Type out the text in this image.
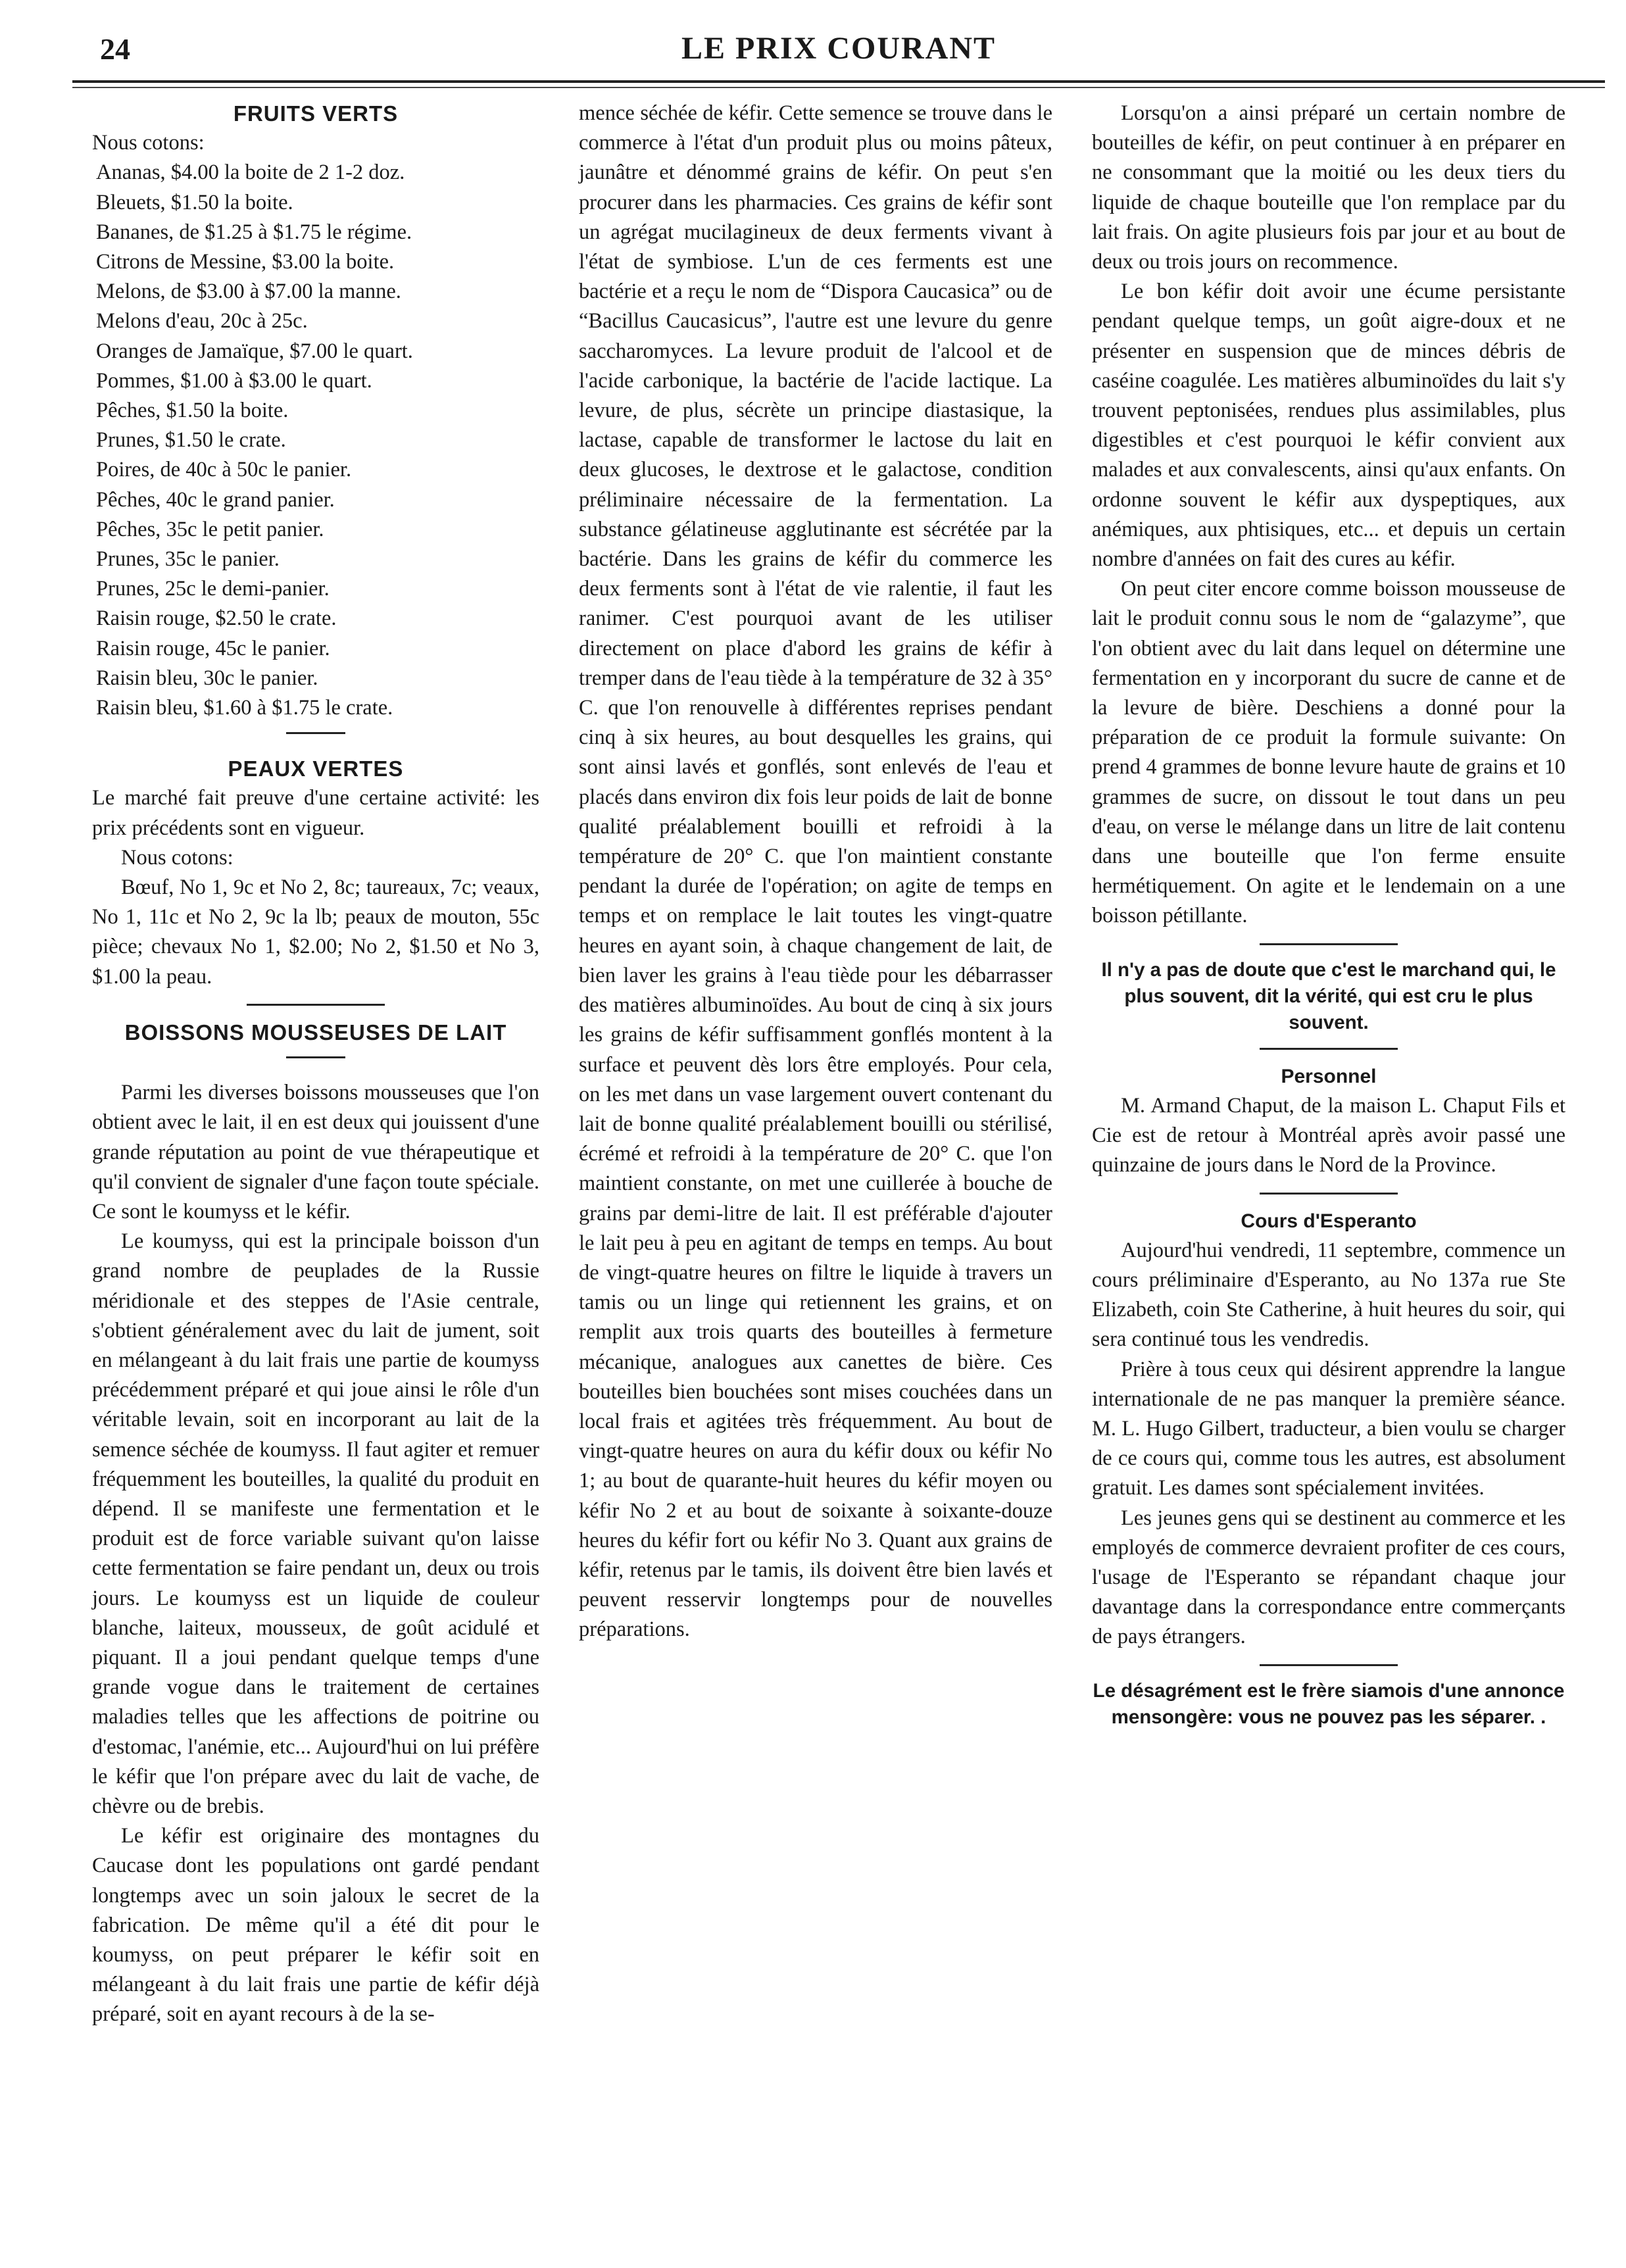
24	LE PRIX COURANT
FRUITS VERTS
Nous cotons:
Ananas, $4.00 la boite de 2 1-2 doz.
Bleuets, $1.50 la boite.
Bananes, de $1.25 à $1.75 le régime.
Citrons de Messine, $3.00 la boite.
Melons, de $3.00 à $7.00 la manne.
Melons d'eau, 20c à 25c.
Oranges de Jamaïque, $7.00 le quart.
Pommes, $1.00 à $3.00 le quart.
Pêches, $1.50 la boite.
Prunes, $1.50 le crate.
Poires, de 40c à 50c le panier.
Pêches, 40c le grand panier.
Pêches, 35c le petit panier.
Prunes, 35c le panier.
Prunes, 25c le demi-panier.
Raisin rouge, $2.50 le crate.
Raisin rouge, 45c le panier.
Raisin bleu, 30c le panier.
Raisin bleu, $1.60 à $1.75 le crate.
PEAUX VERTES

Le marché fait preuve d'une certaine activité: les prix précédents sont en vigueur.

Nous cotons:

Bœuf, No 1, 9c et No 2, 8c; taureaux, 7c; veaux, No 1, 11c et No 2, 9c la lb; peaux de mouton, 55c pièce; chevaux No 1, $2.00; No 2, $1.50 et No 3, $1.00 la peau.

BOISSONS MOUSSEUSES DE LAIT

Parmi les diverses boissons mousseuses que l'on obtient avec le lait, il en est deux qui jouissent d'une grande réputation au point de vue thérapeutique et qu'il convient de signaler d'une façon toute spéciale. Ce sont le koumyss et le kéfir.

Le koumyss, qui est la principale boisson d'un grand nombre de peuplades de la Russie méridionale et des steppes de l'Asie centrale, s'obtient généralement avec du lait de jument, soit en mélangeant à du lait frais une partie de koumyss précédemment préparé et qui joue ainsi le rôle d'un véritable levain, soit en incorporant au lait de la semence séchée de koumyss. Il faut agiter et remuer fréquemment les bouteilles, la qualité du produit en dépend. Il se manifeste une fermentation et le produit est de force variable suivant qu'on laisse cette fermentation se faire pendant un, deux ou trois jours. Le koumyss est un liquide de couleur blanche, laiteux, mousseux, de goût acidulé et piquant. Il a joui pendant quelque temps d'une grande vogue dans le traitement de certaines maladies telles que les affections de poitrine ou d'estomac, l'anémie, etc... Aujourd'hui on lui préfère le kéfir que l'on prépare avec du lait de vache, de chèvre ou de brebis.

Le kéfir est originaire des montagnes du Caucase dont les populations ont gardé pendant longtemps avec un soin jaloux le secret de la fabrication. De même qu'il a été dit pour le koumyss, on peut préparer le kéfir soit en mélangeant à du lait frais une partie de kéfir déjà préparé, soit en ayant recours à de la se-

mence séchée de kéfir. Cette semence se trouve dans le commerce à l'état d'un produit plus ou moins pâteux, jaunâtre et dénommé grains de kéfir. On peut s'en procurer dans les pharmacies. Ces grains de kéfir sont un agrégat mucilagineux de deux ferments vivant à l'état de symbiose. L'un de ces ferments est une bactérie et a reçu le nom de “Dispora Caucasica” ou de “Bacillus Caucasicus”, l'autre est une levure du genre saccharomyces. La levure produit de l'alcool et de l'acide carbonique, la bactérie de l'acide lactique. La levure, de plus, sécrète un principe diastasique, la lactase, capable de transformer le lactose du lait en deux glucoses, le dextrose et le galactose, condition préliminaire nécessaire de la fermentation. La substance gélatineuse agglutinante est sécrétée par la bactérie. Dans les grains de kéfir du commerce les deux ferments sont à l'état de vie ralentie, il faut les ranimer. C'est pourquoi avant de les utiliser directement on place d'abord les grains de kéfir à tremper dans de l'eau tiède à la température de 32 à 35° C. que l'on renouvelle à différentes reprises pendant cinq à six heures, au bout desquelles les grains, qui sont ainsi lavés et gonflés, sont enlevés de l'eau et placés dans environ dix fois leur poids de lait de bonne qualité préalablement bouilli et refroidi à la température de 20° C. que l'on maintient constante pendant la durée de l'opération; on agite de temps en temps et on remplace le lait toutes les vingt-quatre heures en ayant soin, à chaque changement de lait, de bien laver les grains à l'eau tiède pour les débarrasser des matières albuminoïdes. Au bout de cinq à six jours les grains de kéfir suffisamment gonflés montent à la surface et peuvent dès lors être employés. Pour cela, on les met dans un vase largement ouvert contenant du lait de bonne qualité préalablement bouilli ou stérilisé, écrémé et refroidi à la température de 20° C. que l'on maintient constante, on met une cuillerée à bouche de grains par demi-litre de lait. Il est préférable d'ajouter le lait peu à peu en agitant de temps en temps. Au bout de vingt-quatre heures on filtre le liquide à travers un tamis ou un linge qui retiennent les grains, et on remplit aux trois quarts des bouteilles à fermeture mécanique, analogues aux canettes de bière. Ces bouteilles bien bouchées sont mises couchées dans un local frais et agitées très fréquemment. Au bout de vingt-quatre heures on aura du kéfir doux ou kéfir No 1; au bout de quarante-huit heures du kéfir moyen ou kéfir No 2 et au bout de soixante à soixante-douze heures du kéfir fort ou kéfir No 3. Quant aux grains de kéfir, retenus par le tamis, ils doivent être bien lavés et peuvent resservir longtemps pour de nouvelles préparations.

Lorsqu'on a ainsi préparé un certain nombre de bouteilles de kéfir, on peut continuer à en préparer en ne consommant que la moitié ou les deux tiers du liquide de chaque bouteille que l'on remplace par du lait frais. On agite plusieurs fois par jour et au bout de deux ou trois jours on recommence.

Le bon kéfir doit avoir une écume persistante pendant quelque temps, un goût aigre-doux et ne présenter en suspension que de minces débris de caséine coagulée. Les matières albuminoïdes du lait s'y trouvent peptonisées, rendues plus assimilables, plus digestibles et c'est pourquoi le kéfir convient aux malades et aux convalescents, ainsi qu'aux enfants. On ordonne souvent le kéfir aux dyspeptiques, aux anémiques, aux phtisiques, etc... et depuis un certain nombre d'années on fait des cures au kéfir.

On peut citer encore comme boisson mousseuse de lait le produit connu sous le nom de “galazyme”, que l'on obtient avec du lait dans lequel on détermine une fermentation en y incorporant du sucre de canne et de la levure de bière. Deschiens a donné pour la préparation de ce produit la formule suivante: On prend 4 grammes de bonne levure haute de grains et 10 grammes de sucre, on dissout le tout dans un peu d'eau, on verse le mélange dans un litre de lait contenu dans une bouteille que l'on ferme ensuite hermétiquement. On agite et le lendemain on a une boisson pétillante.

Il n'y a pas de doute que c'est le marchand qui, le plus souvent, dit la vérité, qui est cru le plus souvent.
Personnel

M. Armand Chaput, de la maison L. Chaput Fils et Cie est de retour à Montréal après avoir passé une quinzaine de jours dans le Nord de la Province.

Cours d'Esperanto

Aujourd'hui vendredi, 11 septembre, commence un cours préliminaire d'Esperanto, au No 137a rue Ste Elizabeth, coin Ste Catherine, à huit heures du soir, qui sera continué tous les vendredis.

Prière à tous ceux qui désirent apprendre la langue internationale de ne pas manquer la première séance. M. L. Hugo Gilbert, traducteur, a bien voulu se charger de ce cours qui, comme tous les autres, est absolument gratuit. Les dames sont spécialement invitées.

Les jeunes gens qui se destinent au commerce et les employés de commerce devraient profiter de ces cours, l'usage de l'Esperanto se répandant chaque jour davantage dans la correspondance entre commerçants de pays étrangers.

Le désagrément est le frère siamois d'une annonce mensongère: vous ne pouvez pas les séparer. .
